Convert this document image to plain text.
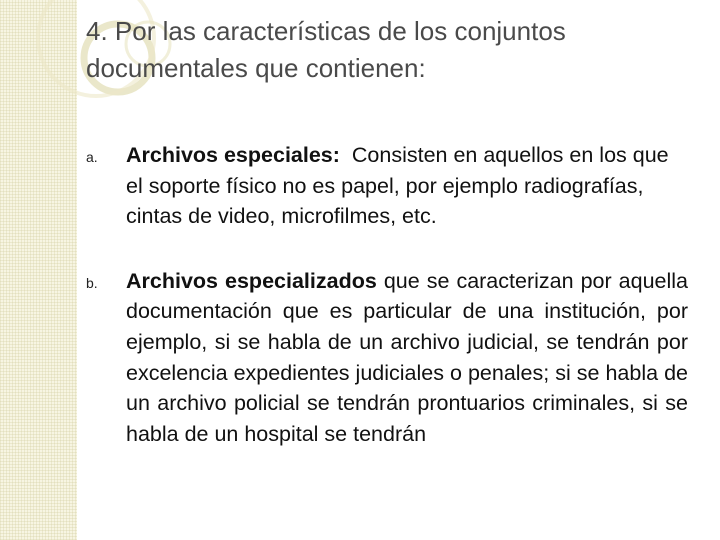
4. Por las características de los conjuntos documentales que contienen:
a. Archivos especiales: Consisten en aquellos en los que el soporte físico no es papel, por ejemplo radiografías, cintas de video, microfilmes, etc.

b. Archivos especializados que se caracterizan por aquella documentación que es particular de una institución, por ejemplo, si se habla de un archivo judicial, se tendrán por excelencia expedientes judiciales o penales; si se habla de un archivo policial se tendrán prontuarios criminales, si se habla de un hospital se tendrán
